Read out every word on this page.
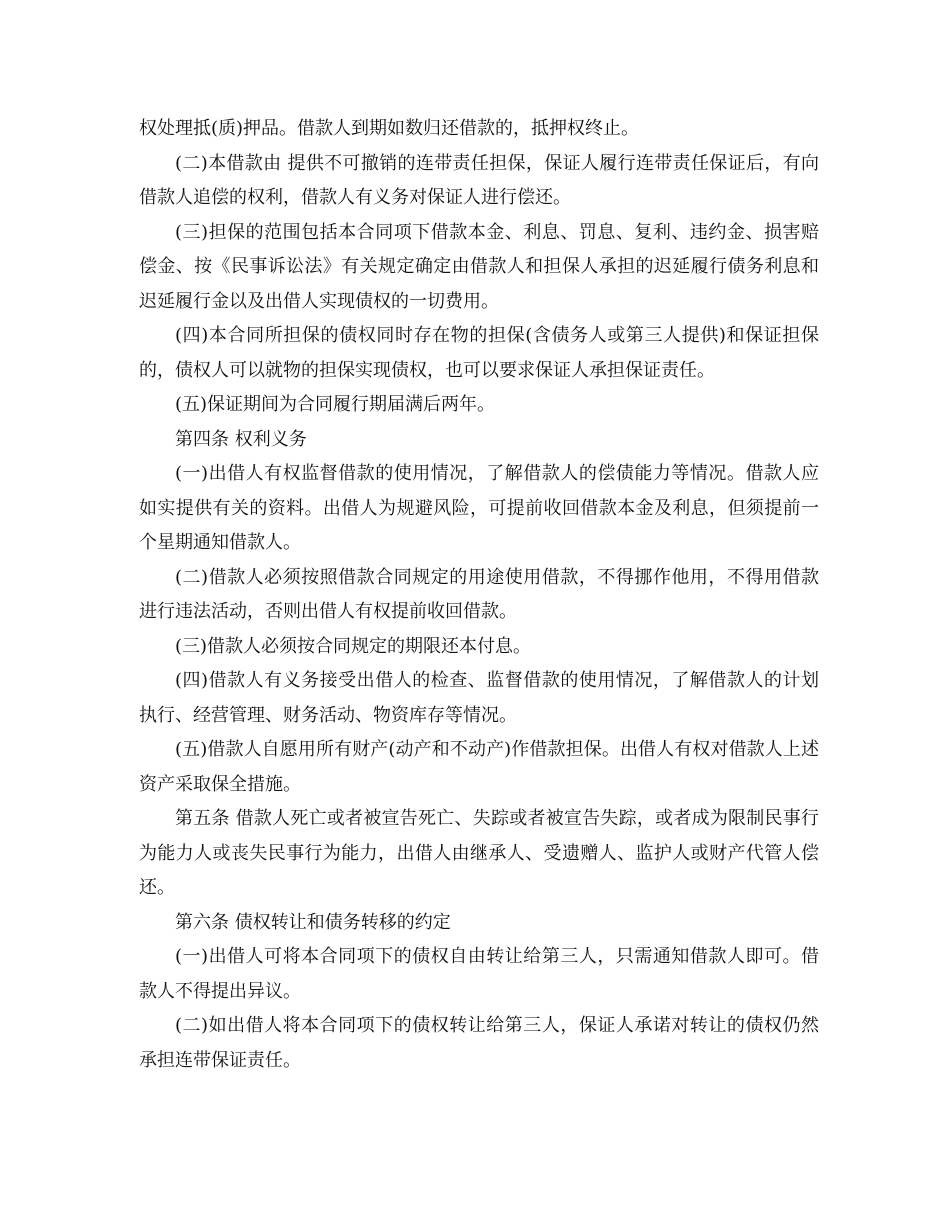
权处理抵(质)押品。借款人到期如数归还借款的，抵押权终止。

(二)本借款由 提供不可撤销的连带责任担保，保证人履行连带责任保证后，有向借款人追偿的权利，借款人有义务对保证人进行偿还。

(三)担保的范围包括本合同项下借款本金、利息、罚息、复利、违约金、损害赔偿金、按《民事诉讼法》有关规定确定由借款人和担保人承担的迟延履行债务利息和迟延履行金以及出借人实现债权的一切费用。

(四)本合同所担保的债权同时存在物的担保(含债务人或第三人提供)和保证担保的，债权人可以就物的担保实现债权，也可以要求保证人承担保证责任。

(五)保证期间为合同履行期届满后两年。

第四条 权利义务

(一)出借人有权监督借款的使用情况，了解借款人的偿债能力等情况。借款人应如实提供有关的资料。出借人为规避风险，可提前收回借款本金及利息，但须提前一个星期通知借款人。

(二)借款人必须按照借款合同规定的用途使用借款，不得挪作他用，不得用借款进行违法活动，否则出借人有权提前收回借款。

(三)借款人必须按合同规定的期限还本付息。

(四)借款人有义务接受出借人的检查、监督借款的使用情况，了解借款人的计划执行、经营管理、财务活动、物资库存等情况。

(五)借款人自愿用所有财产(动产和不动产)作借款担保。出借人有权对借款人上述资产采取保全措施。

第五条 借款人死亡或者被宣告死亡、失踪或者被宣告失踪，或者成为限制民事行为能力人或丧失民事行为能力，出借人由继承人、受遗赠人、监护人或财产代管人偿还。

第六条 债权转让和债务转移的约定

(一)出借人可将本合同项下的债权自由转让给第三人，只需通知借款人即可。借款人不得提出异议。

(二)如出借人将本合同项下的债权转让给第三人，保证人承诺对转让的债权仍然承担连带保证责任。
